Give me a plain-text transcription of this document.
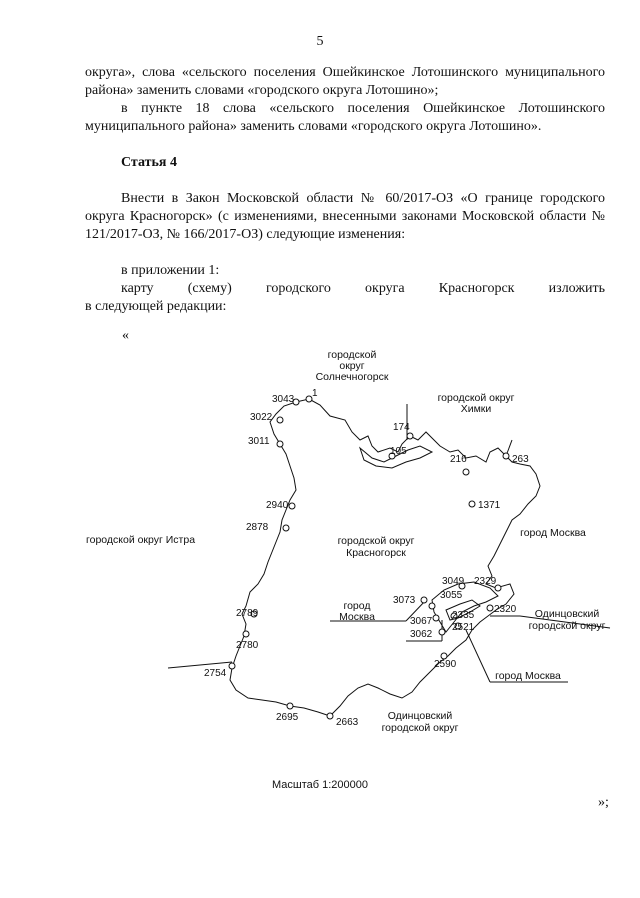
5
округа», слова «сельского поселения Ошейкинское Лотошинского муниципального района» заменить словами «городского округа Лотошино»;
в пункте 18 слова «сельского поселения Ошейкинское Лотошинского муниципального района» заменить словами «городского округа Лотошино».
Статья 4
Внести в Закон Московской области № 60/2017-ОЗ «О границе городского округа Красногорск» (с изменениями, внесенными законами Московской области № 121/2017-ОЗ, № 166/2017-ОЗ) следующие изменения:
в приложении 1:
карту (схему) городского округа Красногорск изложить
в следующей редакции:
«
городской
округ
Солнечногорск
городской округ
Химки
городской округ Истра	городской округ
Красногорск
город Москва
город
Москва	Одинцовский
городской округ
город Москва
Одинцовский
городской округ
1
3043
3022
3011
174
105
216	263
1371
2940
2878
3049 2329
3073 3055
2320
3067
2335
2521
3062
2789
2780
2590
2754
2695	2663
Масштаб 1:200000
»;
